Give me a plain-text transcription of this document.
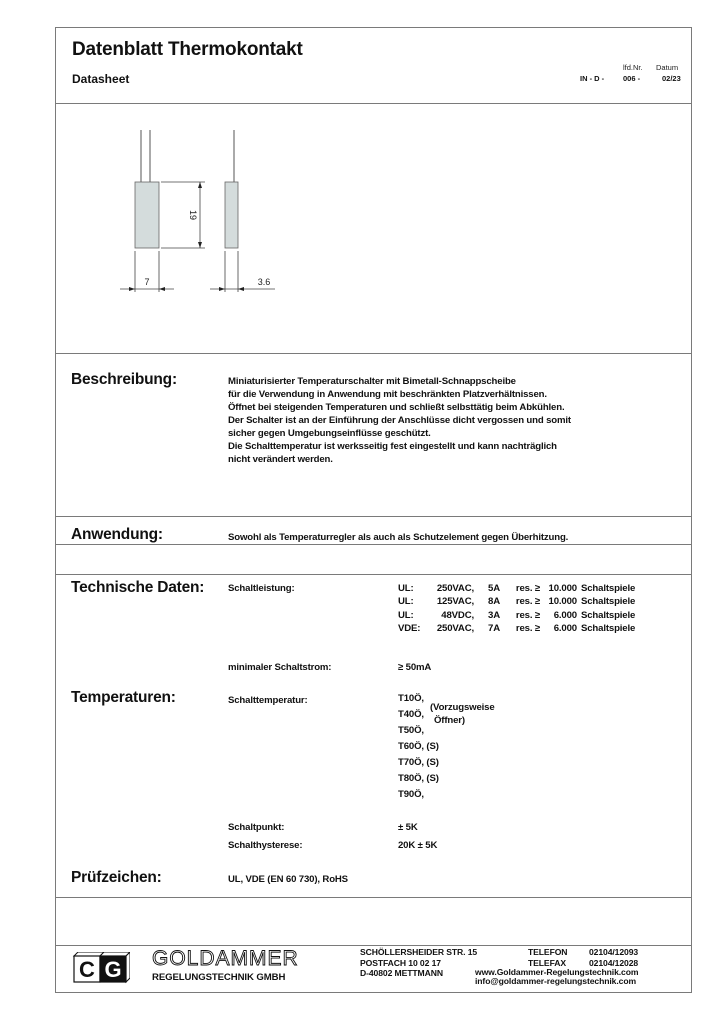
Datenblatt Thermokontakt
Datasheet
lfd.Nr. Datum
IN - D -	006 -	02/23
19
7	3.6
Beschreibung:	Miniaturisierter Temperaturschalter mit Bimetall-Schnappscheibe
für die Verwendung in Anwendung mit beschränkten Platzverhältnissen.
Öffnet bei steigenden Temperaturen und schließt selbsttätig beim Abkühlen.
Der Schalter ist an der Einführung der Anschlüsse dicht vergossen und somit
sicher gegen Umgebungseinflüsse geschützt.
Die Schalttemperatur ist werksseitig fest eingestellt und kann nachträglich
nicht verändert werden.
Anwendung:	Sowohl als Temperaturregler als auch als Schutzelement gegen Überhitzung.
Technische Daten: Schaltleistung:	UL:	250VAC,	5A	res. ≥ 10.000 Schaltspiele
UL:	125VAC,	8A	res. ≥ 10.000 Schaltspiele
UL:	48VDC,	3A	res. ≥	6.000 Schaltspiele
VDE:	250VAC,	7A	res. ≥	6.000 Schaltspiele
minimaler Schaltstrom:	≥ 50mA
Temperaturen:	Schalttemperatur:	T10Ö,
T40Ö,
T50Ö,
T60Ö, (S)
T70Ö, (S)
T80Ö, (S)
T90Ö,
(Vorzugsweise
Öffner)
Schaltpunkt:	± 5K
Schalthysterese:	20K ± 5K
Prüfzeichen:	UL, VDE (EN 60 730), RoHS
C G GOLDAMMER
REGELUNGSTECHNIK GMBH
SCHÖLLERSHEIDER STR. 15
POSTFACH 10 02 17
D-40802 METTMANN
TELEFON	02104/12093
TELEFAX	02104/12028
www.Goldammer-Regelungstechnik.com
info@goldammer-regelungstechnik.com
